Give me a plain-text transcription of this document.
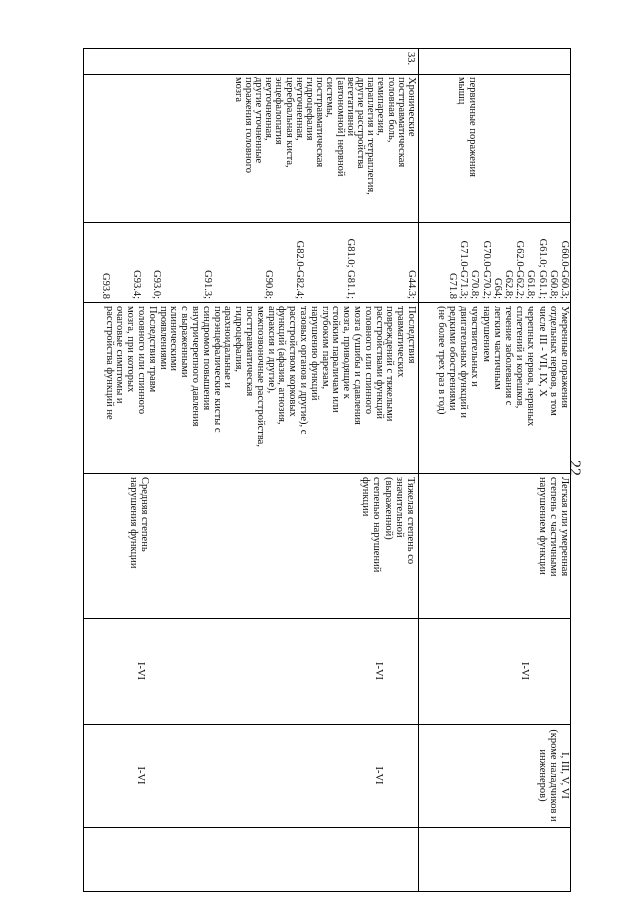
22

первичные поражения

мышц

G60.0-G60.3;

G60.8;

G61.0; G61.1;

G61.8;

G62.0-G62.2;

G62.8;

G64;

G70.0-G70.2;

G70.8;

G71.0-G71.3;

G71.8

Умеренные поражения

отдельных нервов, в том

числе III - VII, IX, X

черепных нервов, нервных

сплетений и корешков,

течение заболевания с

легким частичным

нарушением

чувствительных и

двигательных функций и

редкими обострениями

(не более трех раз в год)

Легкая или умеренная

степень с частичными

нарушением функции

I-VI

I, III, V, VI

(кроме наладчиков и

инженеров)

33.

Хронические

посттравматическая

головная боль,

гемипарезия,

параплегия и тетраплегия,

другие расстройства

вегетативной

[автономной] нервной

системы,

посттравматическая

гидроцефалия

неуточненная,

церебральная киста,

энцефалопатия

неуточненная,

другие уточненные

поражения головного

мозга

G44.3;

G81.0; G81.1;

G82.0-G82.4;

G90.8;

G91.3;

G93.0;

G93.4;

G93.8

Последствия

травматических

повреждений с тяжелыми

расстройствами функций

головного или спинного

мозга (ушибы и сдавления

мозга, приводящие к

стойким параличам или

глубоким парезам,

нарушению функций

тазовых органов и другие), с

расстройством корковых

функций (афазия, агнозия,

апраксия и другие),

межпозвоночные расстройства,

посттравматическая

гидроцефалия,

арахноидальные и

порэнцефалические кисты с

синдромом повышения

внутричерепного давления

с выраженными

клиническими

проявлениями

Последствия травм

головного или спинного

мозга, при которых

очаговые симптомы и

расстройства функций не

Тяжелая степень со

значительной

(выраженной)

степенью нарушений

функции

Средняя степень

нарушения функции

I-VI
I-VI
I-VI
I-VI
